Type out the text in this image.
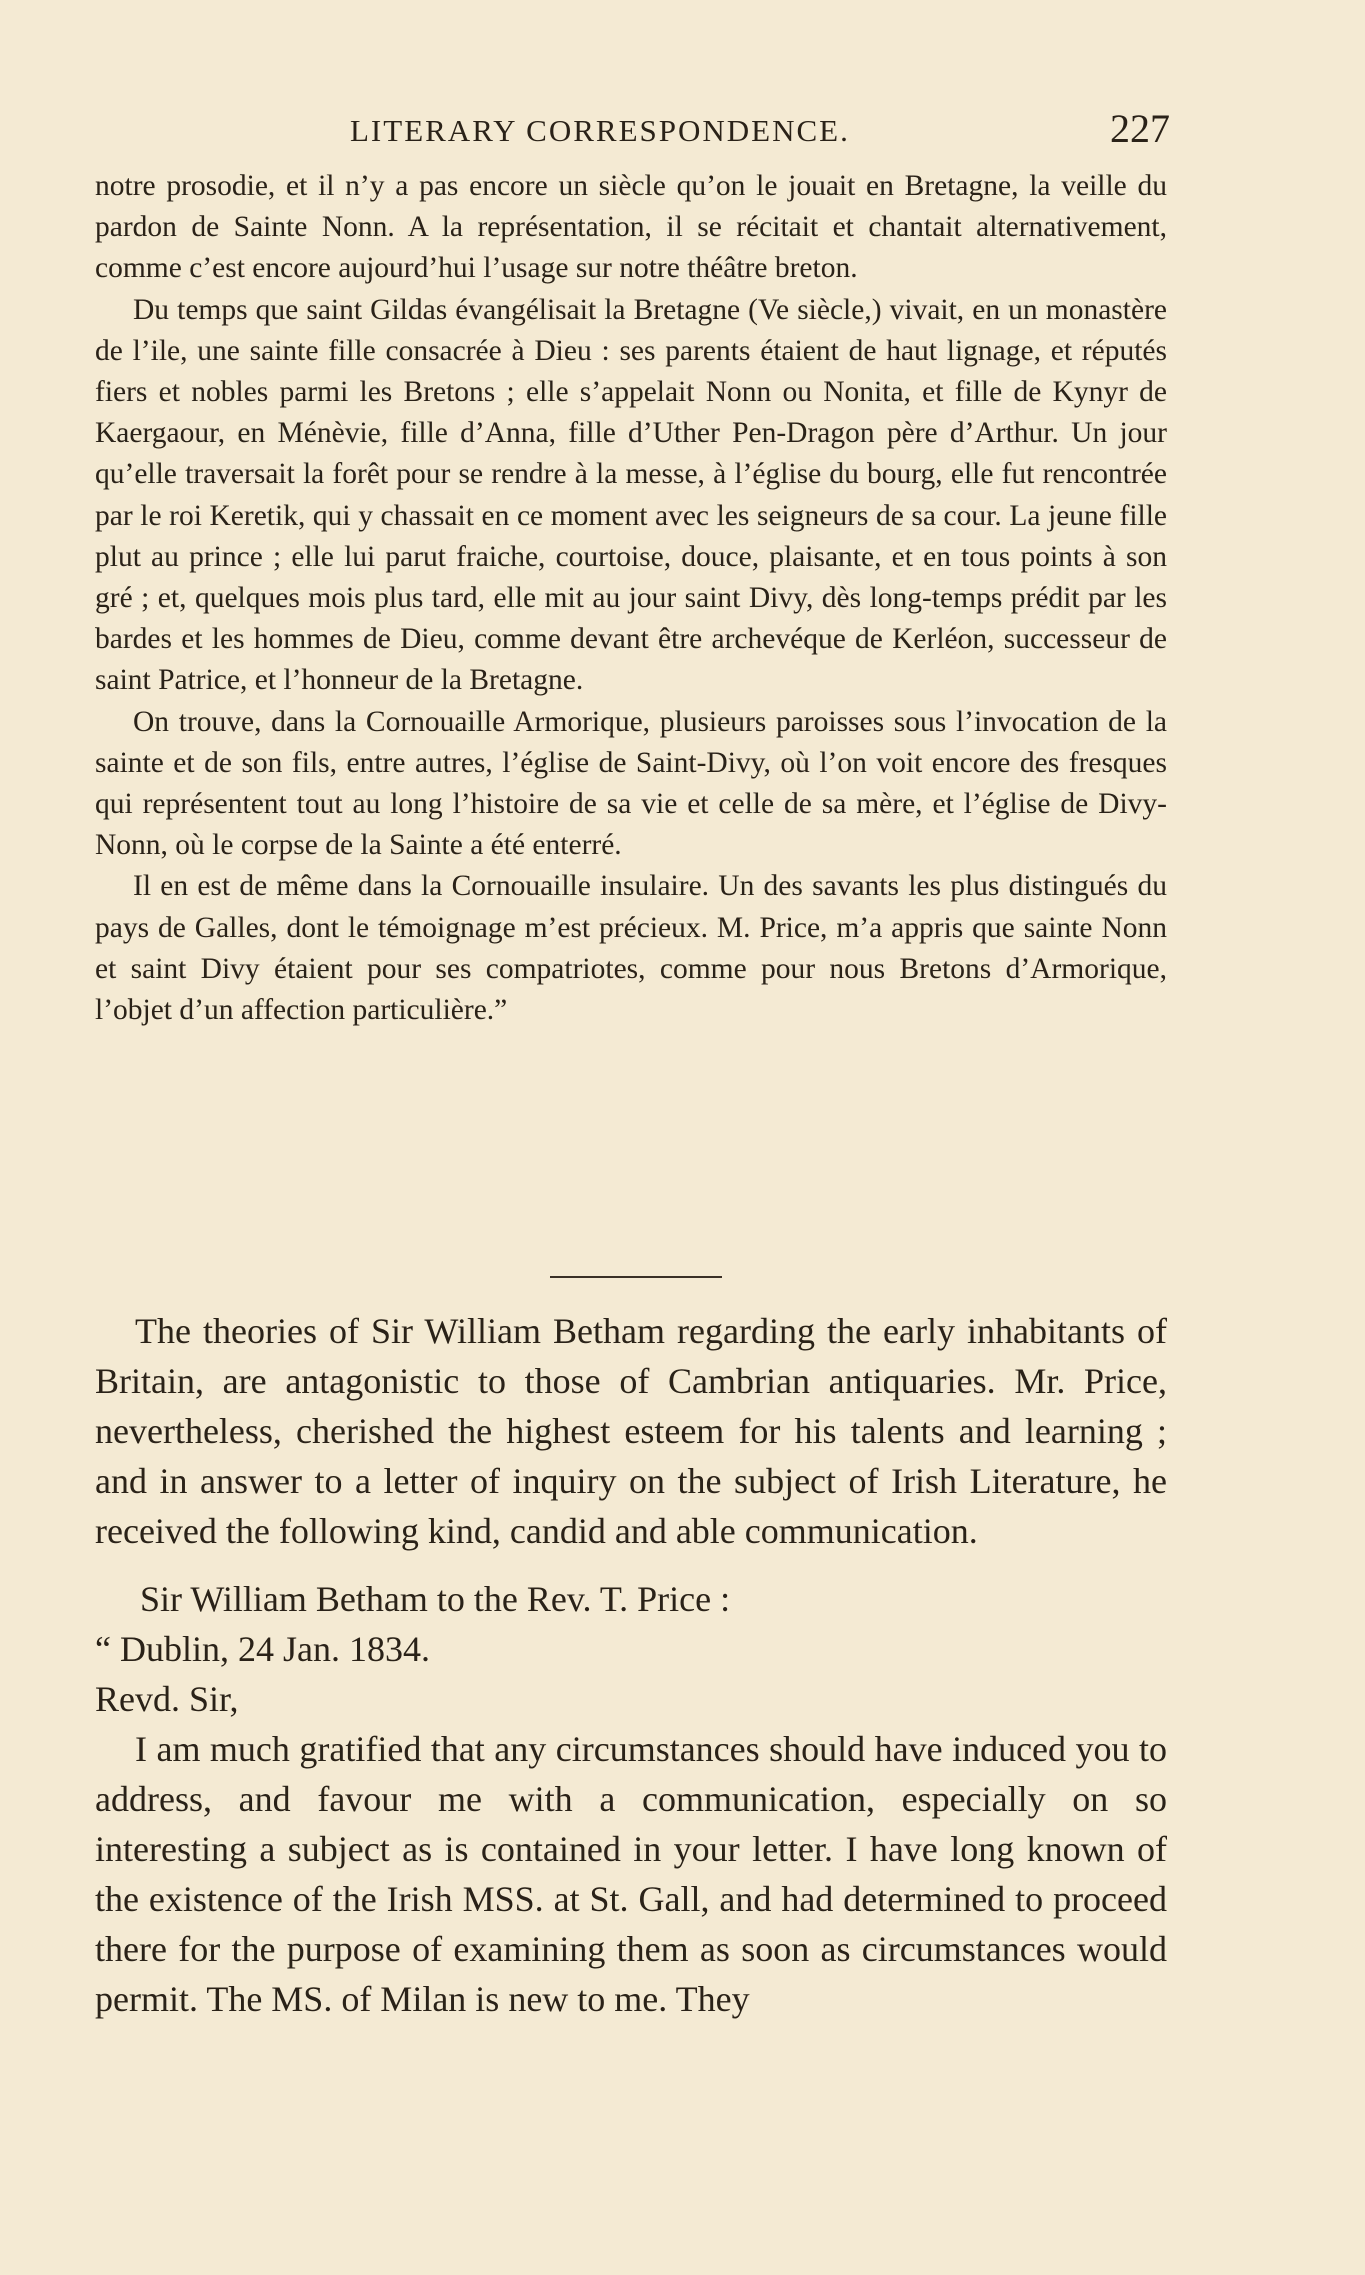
LITERARY CORRESPONDENCE.	227

notre prosodie, et il n’y a pas encore un siècle qu’on le jouait en Bretagne, la veille du pardon de Sainte Nonn. A la représentation, il se récitait et chantait alternativement, comme c’est encore aujourd’hui l’usage sur notre théâtre breton.

Du temps que saint Gildas évangélisait la Bretagne (Ve siècle,) vivait, en un monastère de l’ile, une sainte fille consacrée à Dieu : ses parents étaient de haut lignage, et réputés fiers et nobles parmi les Bretons ; elle s’appelait Nonn ou Nonita, et fille de Kynyr de Kaergaour, en Ménèvie, fille d’Anna, fille d’Uther Pen-Dragon père d’Arthur. Un jour qu’elle traversait la forêt pour se rendre à la messe, à l’église du bourg, elle fut rencontrée par le roi Keretik, qui y chassait en ce moment avec les seigneurs de sa cour. La jeune fille plut au prince ; elle lui parut fraiche, courtoise, douce, plaisante, et en tous points à son gré ; et, quelques mois plus tard, elle mit au jour saint Divy, dès long-temps prédit par les bardes et les hommes de Dieu, comme devant être archevéque de Kerléon, successeur de saint Patrice, et l’honneur de la Bretagne.

On trouve, dans la Cornouaille Armorique, plusieurs paroisses sous l’invocation de la sainte et de son fils, entre autres, l’église de Saint-Divy, où l’on voit encore des fresques qui représentent tout au long l’histoire de sa vie et celle de sa mère, et l’église de Divy-Nonn, où le corpse de la Sainte a été enterré.

Il en est de même dans la Cornouaille insulaire. Un des savants les plus distingués du pays de Galles, dont le témoignage m’est précieux. M. Price, m’a appris que sainte Nonn et saint Divy étaient pour ses compatriotes, comme pour nous Bretons d’Armorique, l’objet d’un affection particulière.”

The theories of Sir William Betham regarding the early inhabitants of Britain, are antagonistic to those of Cambrian antiquaries. Mr. Price, nevertheless, cherished the highest esteem for his talents and learning ; and in answer to a letter of inquiry on the subject of Irish Literature, he received the following kind, candid and able communication.

Sir William Betham to the Rev. T. Price :

“ Dublin, 24 Jan. 1834.

Revd. Sir,

I am much gratified that any circumstances should have induced you to address, and favour me with a communication, especially on so interesting a subject as is contained in your letter. I have long known of the existence of the Irish MSS. at St. Gall, and had determined to proceed there for the purpose of examining them as soon as circumstances would permit. The MS. of Milan is new to me. They
